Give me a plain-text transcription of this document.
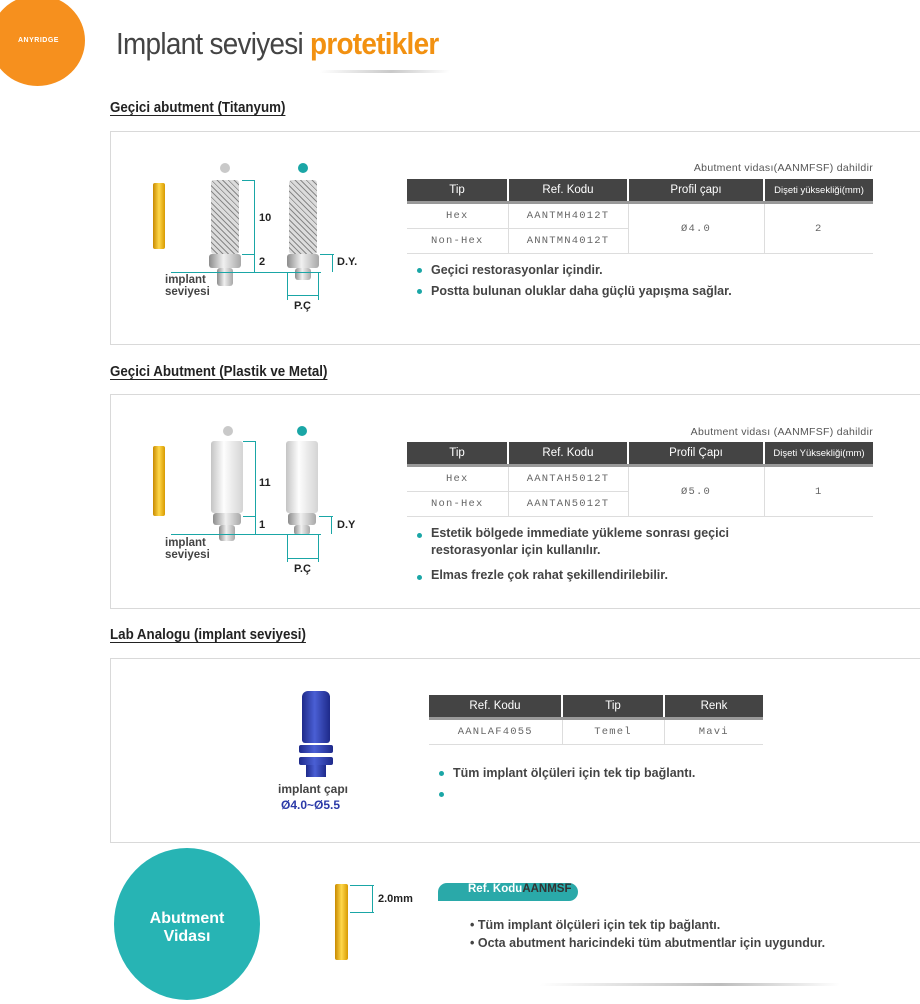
ANYRIDGE Implant seviyesi protetikler
Geçici abutment (Titanyum)
10
2	D.Y.
P.Ç
implant
seviyesi
Abutment vidası(AANMFSF) dahildir
Tip	Ref. Kodu	Profil çapı	Dişeti yüksekliği(mm)
Hex	AANTMH4012T	Ø4.0	2
Non-Hex	ANNTMN4012T		
Geçici restorasyonlar içindir.
Postta bulunan oluklar daha güçlü yapışma sağlar.
Geçici Abutment (Plastik ve Metal)
11
1	D.Y
P.Ç
implant
seviyesi
Abutment vidası (AANMFSF) dahildir
Tip	Ref. Kodu	Profil Çapı	Dişeti Yüksekliği(mm)
Hex	AANTAH5012T	Ø5.0	1
Non-Hex	AANTAN5012T		
Estetik bölgede immediate yükleme sonrası geçici
restorasyonlar için kullanılır.
Elmas frezle çok rahat şekillendirilebilir.
Lab Analogu (implant seviyesi)
implant çapı
Ø4.0~Ø5.5
Ref. Kodu	Tip	Renk
AANLAF4055	Temel	Mavi
Tüm implant ölçüleri için tek tip bağlantı.
Abutment
Vidası
2.0mm
Ref. KoduAANMSF
• Tüm implant ölçüleri için tek tip bağlantı.
• Octa abutment haricindeki tüm abutmentlar için uygundur.
